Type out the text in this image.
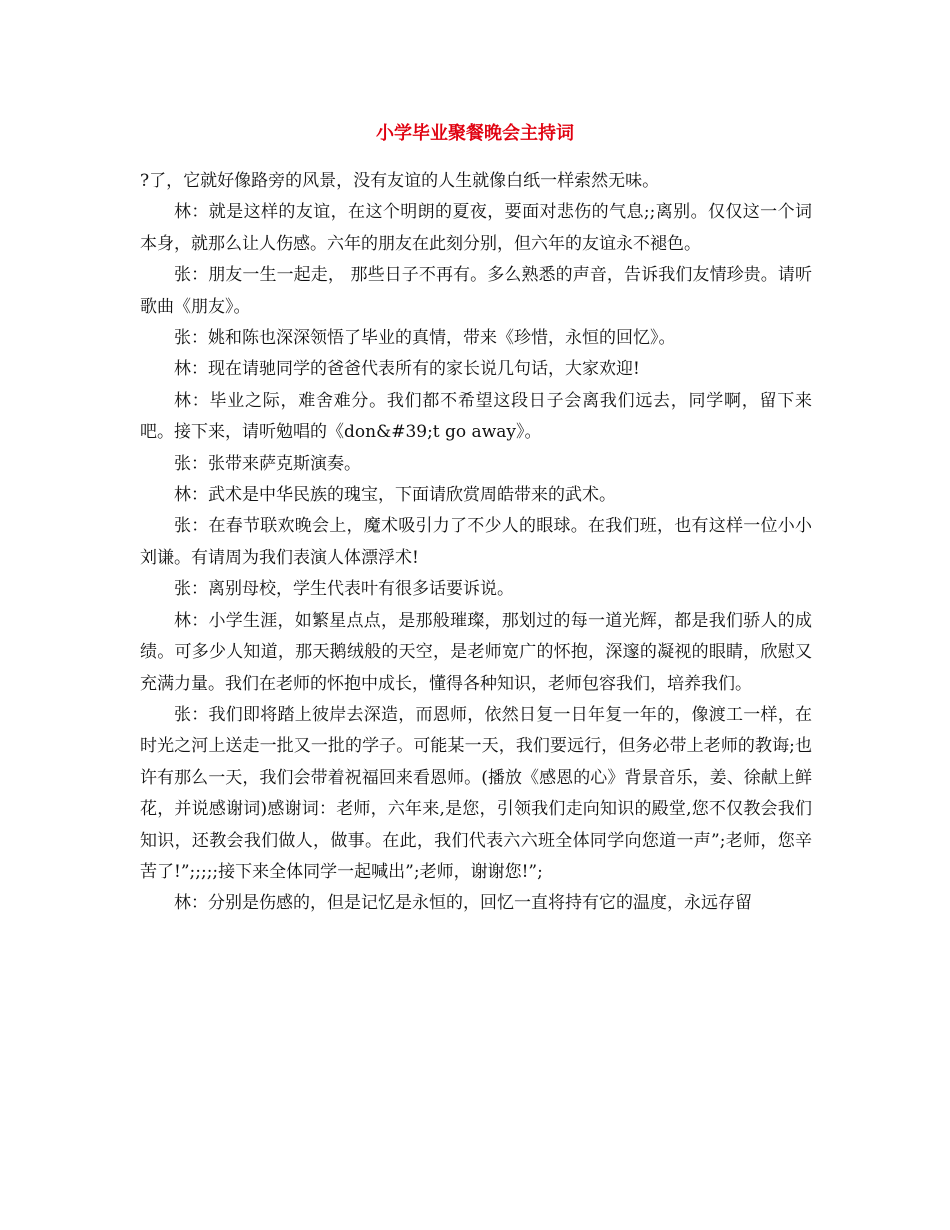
小学毕业聚餐晚会主持词

?了，它就好像路旁的风景，没有友谊的人生就像白纸一样索然无味。

林：就是这样的友谊，在这个明朗的夏夜，要面对悲伤的气息;;离别。仅仅这一个词本身，就那么让人伤感。六年的朋友在此刻分别，但六年的友谊永不褪色。

张：朋友一生一起走， 那些日子不再有。多么熟悉的声音，告诉我们友情珍贵。请听歌曲《朋友》。

张：姚和陈也深深领悟了毕业的真情，带来《珍惜，永恒的回忆》。

林：现在请驰同学的爸爸代表所有的家长说几句话，大家欢迎!

林：毕业之际，难舍难分。我们都不希望这段日子会离我们远去，同学啊，留下来吧。接下来，请听勉唱的《don&#39;t go away》。

张：张带来萨克斯演奏。

林：武术是中华民族的瑰宝，下面请欣赏周皓带来的武术。

张：在春节联欢晚会上，魔术吸引力了不少人的眼球。在我们班，也有这样一位小小刘谦。有请周为我们表演人体漂浮术!

张：离别母校，学生代表叶有很多话要诉说。

林：小学生涯，如繁星点点，是那般璀璨，那划过的每一道光辉，都是我们骄人的成绩。可多少人知道，那天鹅绒般的天空，是老师宽广的怀抱，深邃的凝视的眼睛，欣慰又充满力量。我们在老师的怀抱中成长，懂得各种知识，老师包容我们，培养我们。

张：我们即将踏上彼岸去深造，而恩师，依然日复一日年复一年的，像渡工一样，在时光之河上送走一批又一批的学子。可能某一天，我们要远行，但务必带上老师的教诲;也许有那么一天，我们会带着祝福回来看恩师。(播放《感恩的心》背景音乐，姜、徐献上鲜花，并说感谢词)感谢词：老师，六年来,是您，引领我们走向知识的殿堂,您不仅教会我们知识，还教会我们做人，做事。在此，我们代表六六班全体同学向您道一声”;老师，您辛苦了!”;;;;;接下来全体同学一起喊出”;老师，谢谢您!”;

林：分别是伤感的，但是记忆是永恒的，回忆一直将持有它的温度，永远存留
